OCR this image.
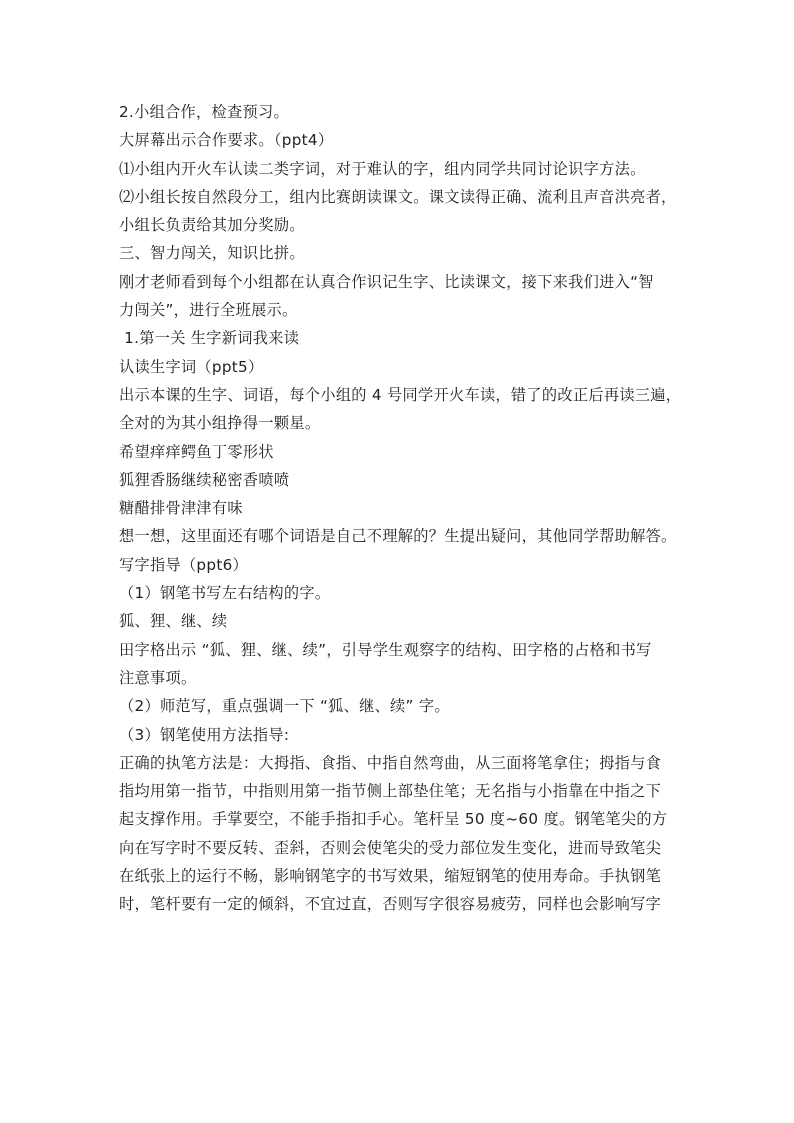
2.小组合作，检查预习。
大屏幕出示合作要求。（ppt4）
⑴小组内开火车认读二类字词，对于难认的字，组内同学共同讨论识字方法。
⑵小组长按自然段分工，组内比赛朗读课文。课文读得正确、流利且声音洪亮者，
小组长负责给其加分奖励。
三、智力闯关，知识比拼。
刚才老师看到每个小组都在认真合作识记生字、比读课文，接下来我们进入“智
力闯关”，进行全班展示。
1.第一关 生字新词我来读
认读生字词（ppt5）
出示本课的生字、词语，每个小组的 4 号同学开火车读，错了的改正后再读三遍，
全对的为其小组挣得一颗星。
希望痒痒鳄鱼丁零形状
狐狸香肠继续秘密香喷喷
糖醋排骨津津有味
想一想，这里面还有哪个词语是自己不理解的？生提出疑问，其他同学帮助解答。
写字指导（ppt6）
（1）钢笔书写左右结构的字。
狐、狸、继、续
田字格出示 “狐、狸、继、续”，引导学生观察字的结构、田字格的占格和书写
注意事项。
（2）师范写，重点强调一下 “狐、继、续” 字。
（3）钢笔使用方法指导:
正确的执笔方法是：大拇指、食指、中指自然弯曲，从三面将笔拿住；拇指与食
指均用第一指节，中指则用第一指节侧上部垫住笔；无名指与小指靠在中指之下
起支撑作用。手掌要空，不能手指扣手心。笔杆呈 50 度~60 度。钢笔笔尖的方
向在写字时不要反转、歪斜，否则会使笔尖的受力部位发生变化，进而导致笔尖
在纸张上的运行不畅，影响钢笔字的书写效果，缩短钢笔的使用寿命。手执钢笔
时，笔杆要有一定的倾斜，不宜过直，否则写字很容易疲劳，同样也会影响写字
